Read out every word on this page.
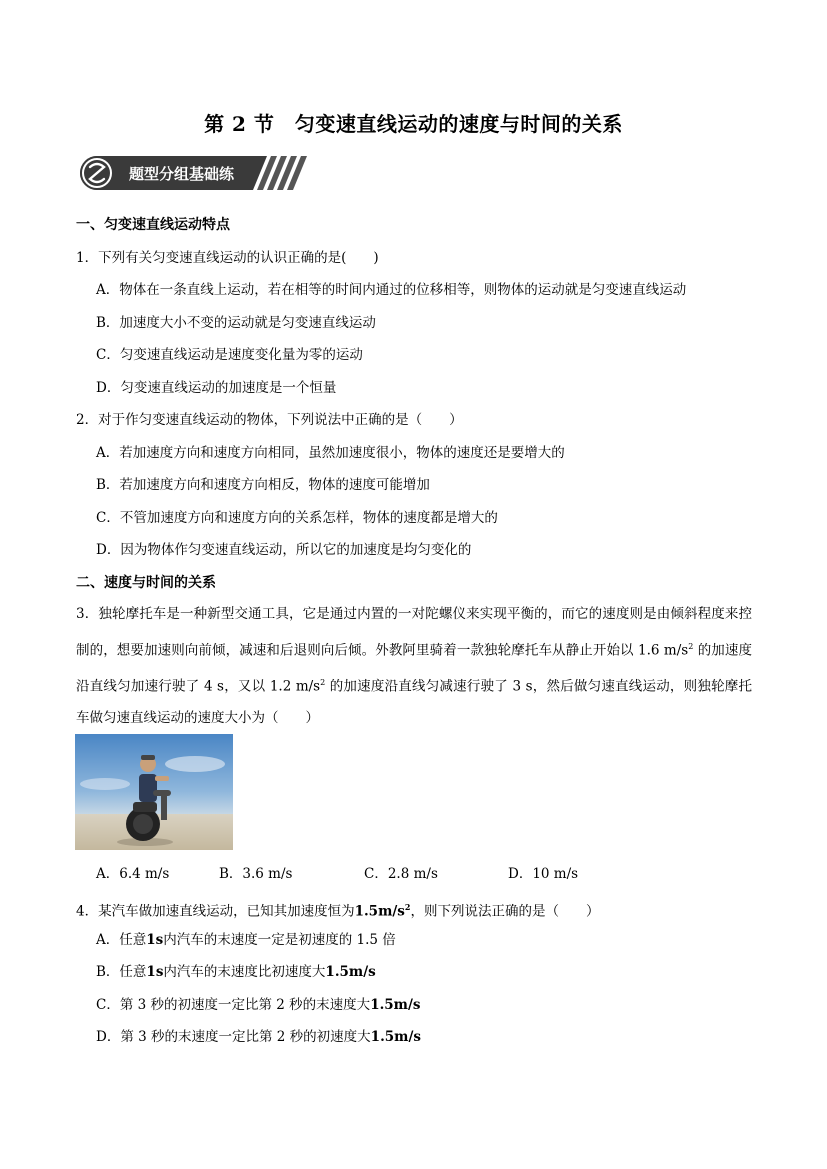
第 2 节　匀变速直线运动的速度与时间的关系
题型分组基础练
一、匀变速直线运动特点
1．下列有关匀变速直线运动的认识正确的是(　　)
A．物体在一条直线上运动，若在相等的时间内通过的位移相等，则物体的运动就是匀变速直线运动
B．加速度大小不变的运动就是匀变速直线运动
C．匀变速直线运动是速度变化量为零的运动
D．匀变速直线运动的加速度是一个恒量
2．对于作匀变速直线运动的物体，下列说法中正确的是（　　）
A．若加速度方向和速度方向相同，虽然加速度很小，物体的速度还是要增大的
B．若加速度方向和速度方向相反，物体的速度可能增加
C．不管加速度方向和速度方向的关系怎样，物体的速度都是增大的
D．因为物体作匀变速直线运动，所以它的加速度是均匀变化的
二、速度与时间的关系
3．独轮摩托车是一种新型交通工具，它是通过内置的一对陀螺仪来实现平衡的，而它的速度则是由倾斜程度来控制的，想要加速则向前倾，减速和后退则向后倾。外教阿里骑着一款独轮摩托车从静止开始以 1.6 $m/s^2$ 的加速度沿直线匀加速行驶了 4 s，又以 1.2 $m/s^2$ 的加速度沿直线匀减速行驶了 3 s，然后做匀速直线运动，则独轮摩托车做匀速直线运动的速度大小为（　　）
A．6.4 m/s	B．3.6 m/s	C．2.8 m/s	D．10 m/s
4．某汽车做加速直线运动，已知其加速度恒为$1.5m/s^2$，则下列说法正确的是（　　）
A．任意1s内汽车的末速度一定是初速度的 1.5 倍
B．任意1s内汽车的末速度比初速度大1.5m/s
C．第 3 秒的初速度一定比第 2 秒的末速度大1.5m/s
D．第 3 秒的末速度一定比第 2 秒的初速度大1.5m/s
